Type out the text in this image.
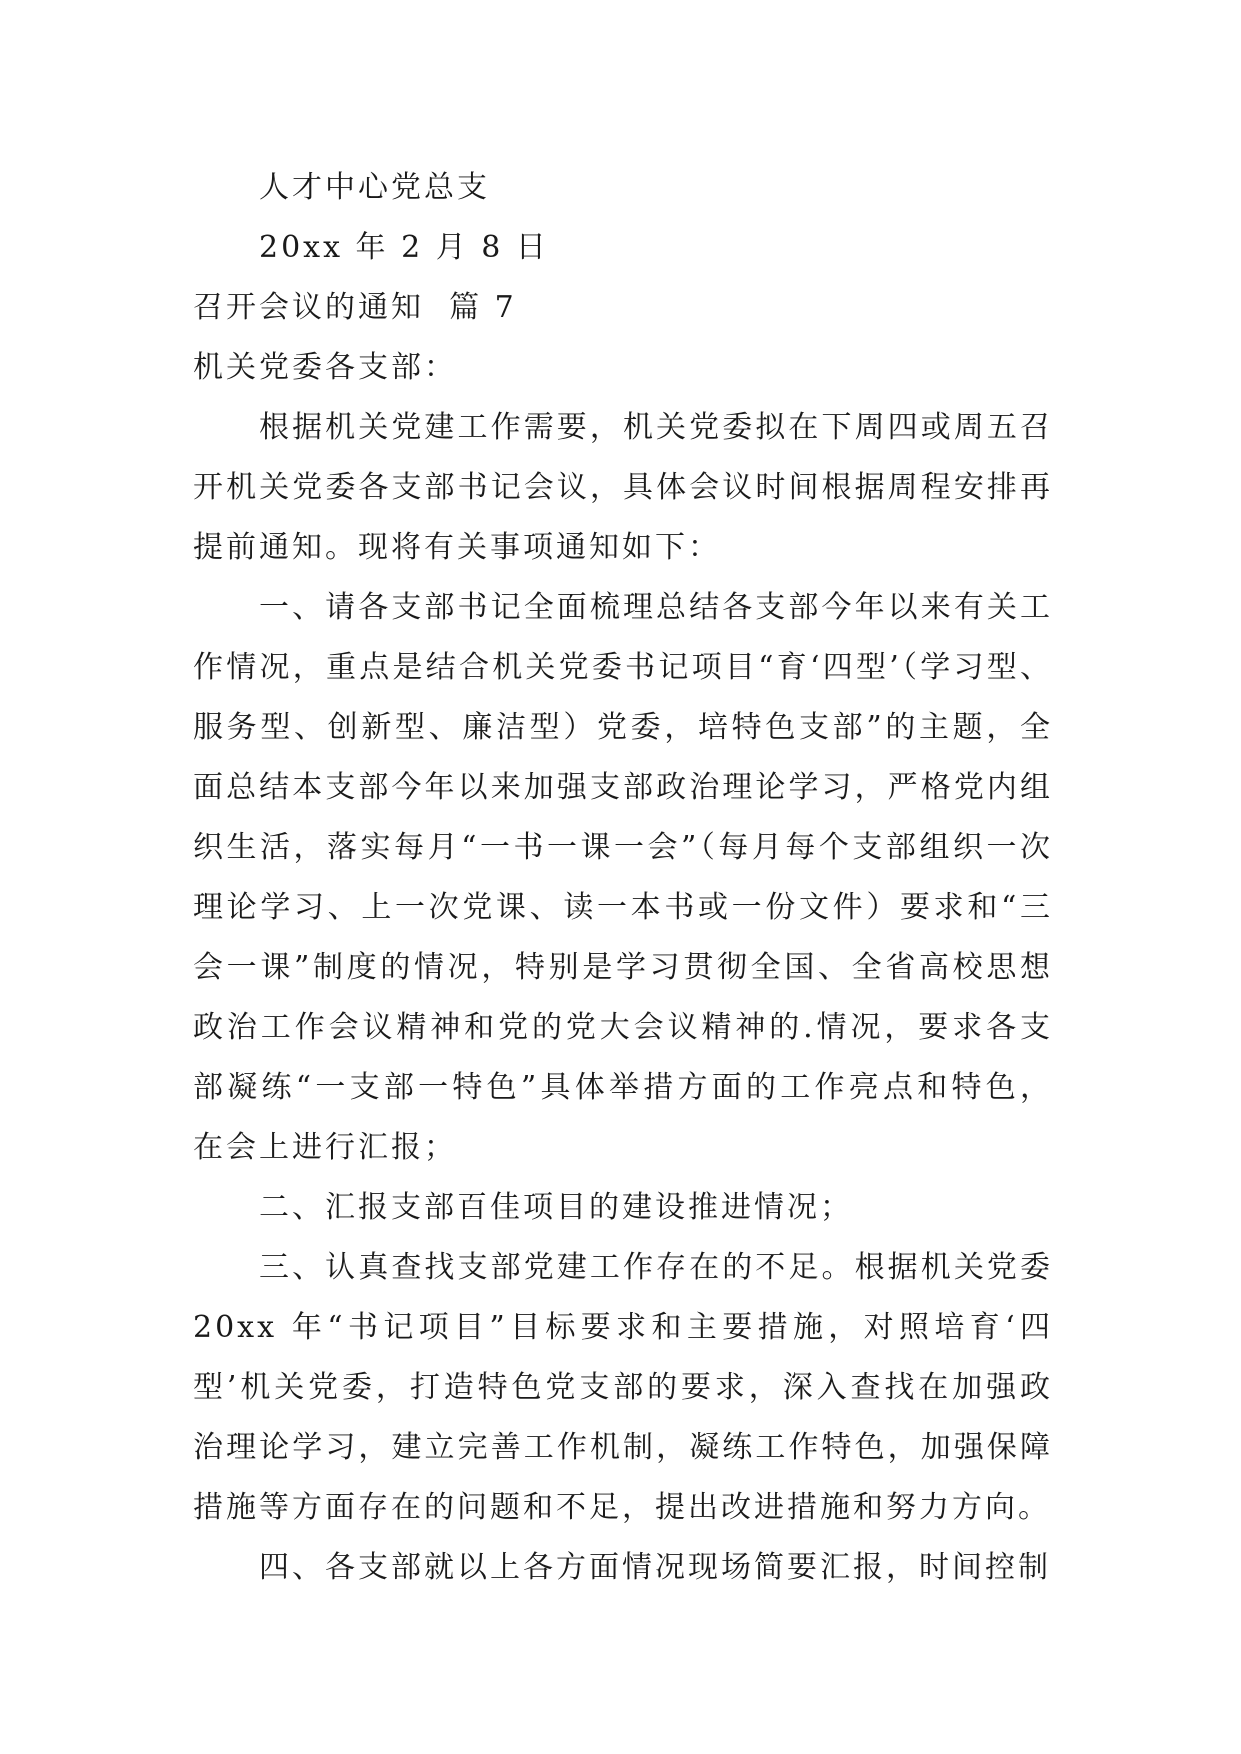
人才中心党总支

20xx 年 2 月 8 日

召开会议的通知  篇 7

机关党委各支部：

根据机关党建工作需要，机关党委拟在下周四或周五召开机关党委各支部书记会议，具体会议时间根据周程安排再提前通知。现将有关事项通知如下：

一、请各支部书记全面梳理总结各支部今年以来有关工作情况，重点是结合机关党委书记项目“育‘四型’（学习型、服务型、创新型、廉洁型）党委，培特色支部”的主题，全面总结本支部今年以来加强支部政治理论学习，严格党内组织生活，落实每月“一书一课一会”（每月每个支部组织一次理论学习、上一次党课、读一本书或一份文件）要求和“三会一课”制度的情况，特别是学习贯彻全国、全省高校思想政治工作会议精神和党的党大会议精神的.情况，要求各支部凝练“一支部一特色”具体举措方面的工作亮点和特色，在会上进行汇报；

二、汇报支部百佳项目的建设推进情况；

三、认真查找支部党建工作存在的不足。根据机关党委20xx 年“书记项目”目标要求和主要措施，对照培育‘四型’机关党委，打造特色党支部的要求，深入查找在加强政治理论学习，建立完善工作机制，凝练工作特色，加强保障措施等方面存在的问题和不足，提出改进措施和努力方向。

四、各支部就以上各方面情况现场简要汇报，时间控制
